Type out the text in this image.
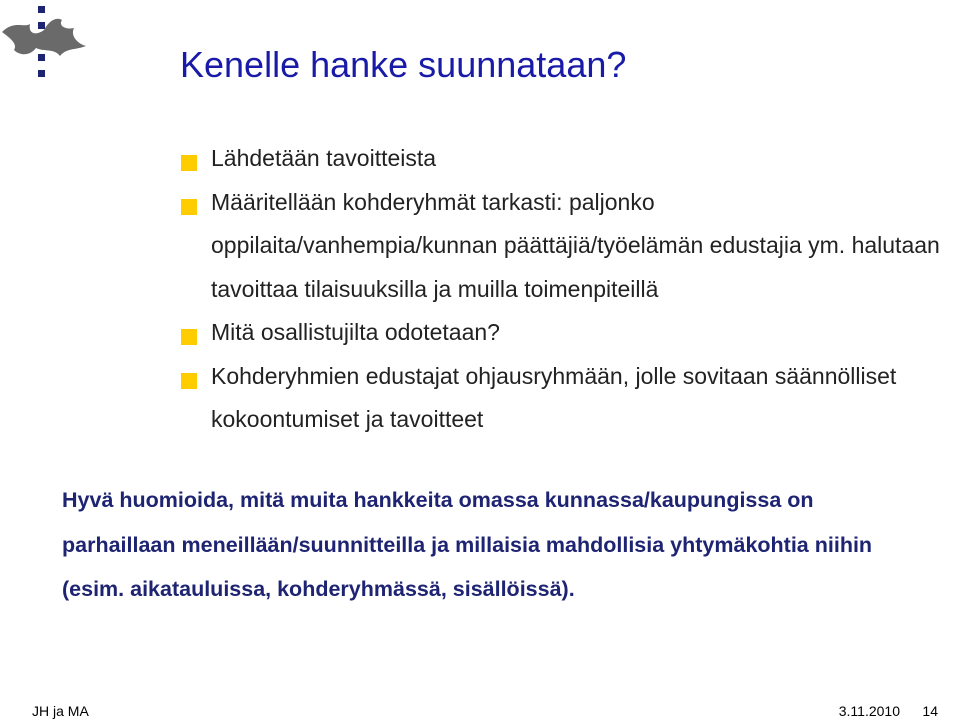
Kenelle hanke suunnataan?
Lähdetään tavoitteista
Määritellään kohderyhmät tarkasti: paljonko oppilaita/vanhempia/kunnan päättäjiä/työelämän edustajia ym. halutaan tavoittaa tilaisuuksilla ja muilla toimenpiteillä
Mitä osallistujilta odotetaan?
Kohderyhmien edustajat ohjausryhmään, jolle sovitaan säännölliset kokoontumiset ja tavoitteet

Hyvä huomioida, mitä muita hankkeita omassa kunnassa/kaupungissa on parhaillaan meneillään/suunnitteilla ja millaisia mahdollisia yhtymäkohtia niihin (esim. aikatauluissa, kohderyhmässä, sisällöissä).

JH ja MA	3.11.2010 14
